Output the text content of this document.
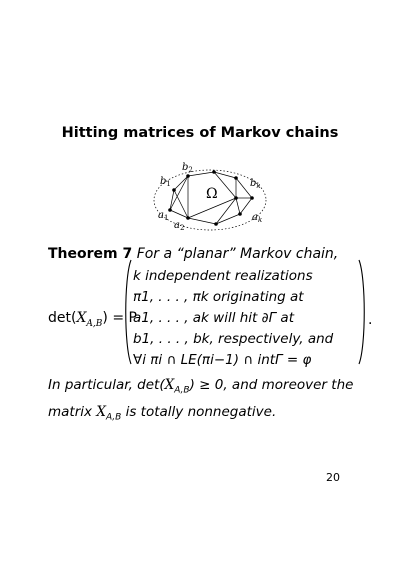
Hitting matrices of Markov chains
Ω
$b_1$
$b_2$
$b_k$
$a_1$
$a_2$
$a_k$
Theorem 7 For a “planar” Markov chain,
$\det(X_{A,B}) = P$
k independent realizations
π1, . . . , πk originating at
a1, . . . , ak will hit ∂Γ at
b1, . . . , bk, respectively, and
∀i πi ∩ LE(πi−1) ∩ intΓ = φ
.
In particular, $\det(X_{A,B}) \ge 0$, and moreover the matrix $X_{A,B}$ is totally nonnegative.
20
